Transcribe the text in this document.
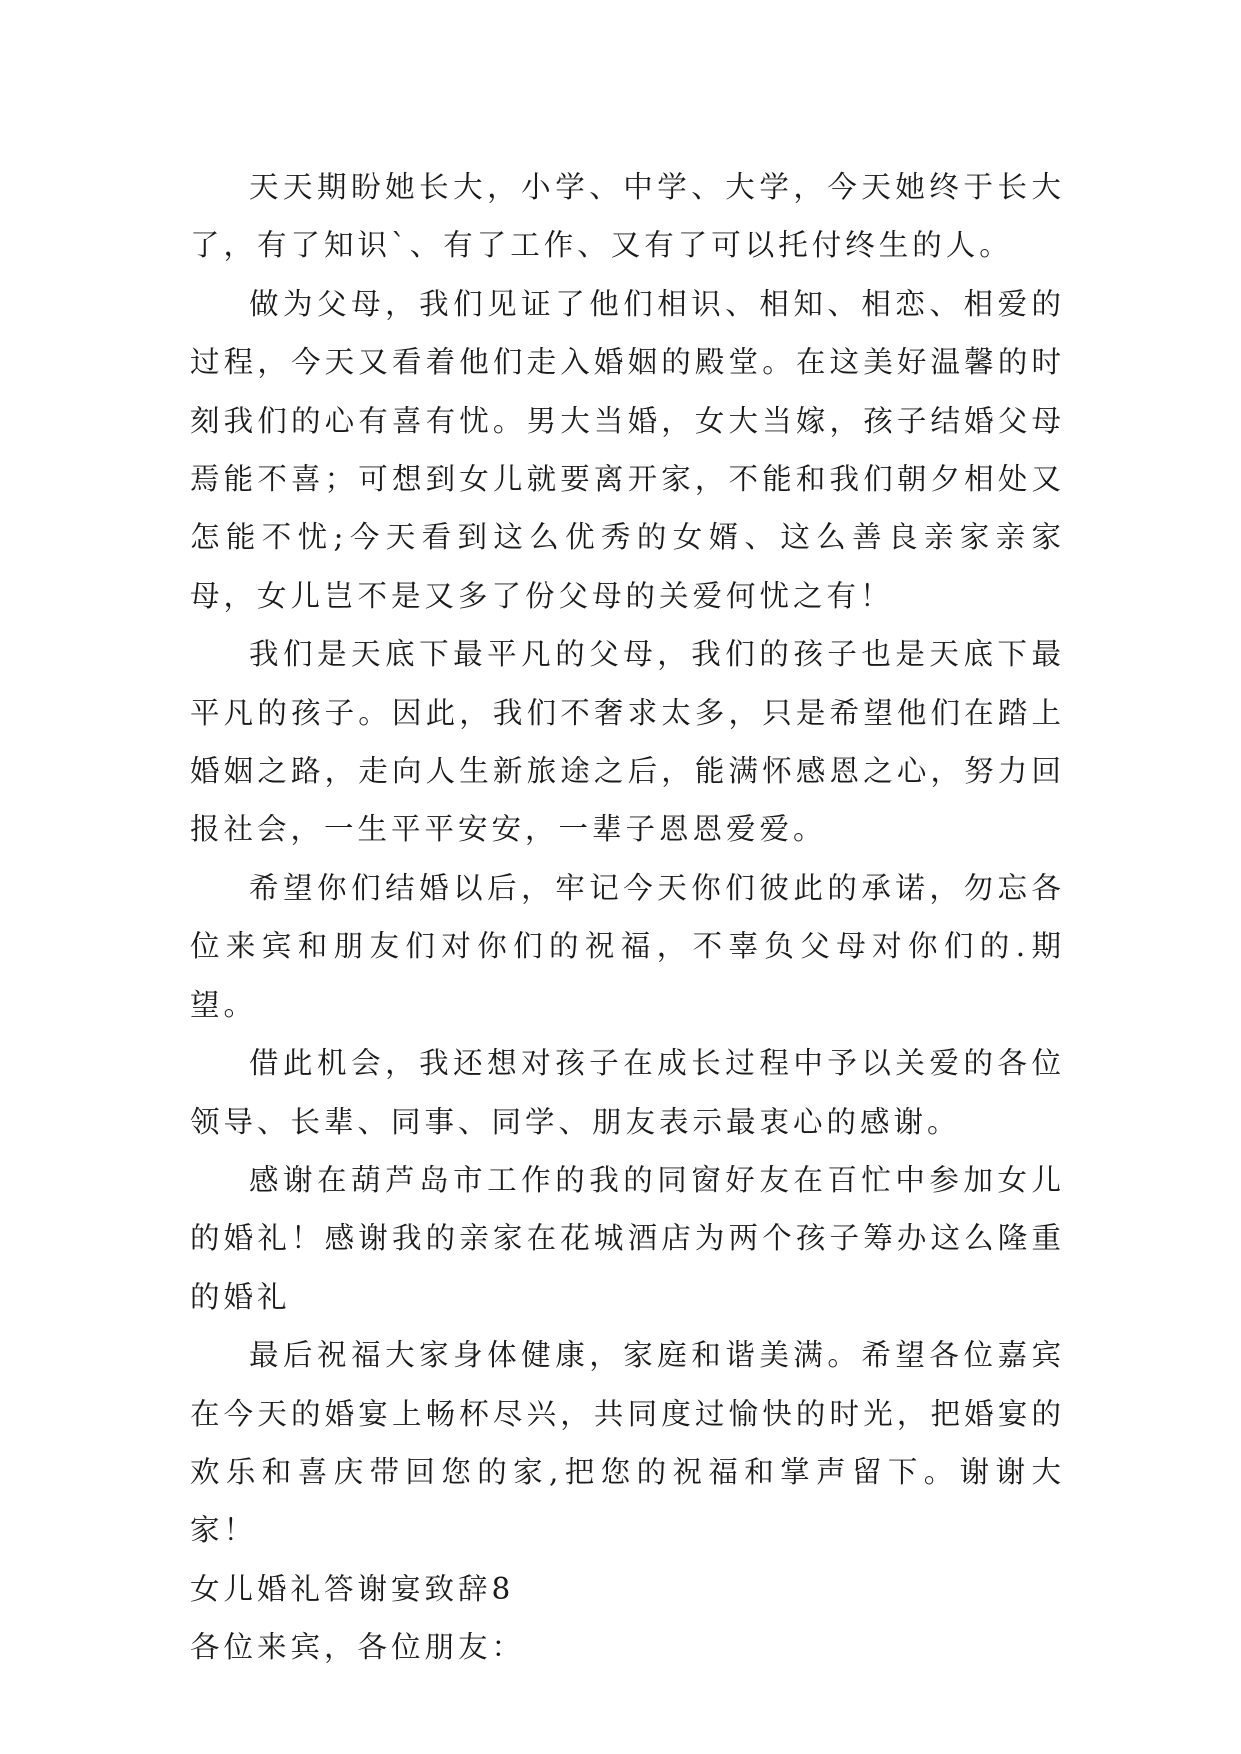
天天期盼她长大，小学、中学、大学，今天她终于长大了，有了知识`、有了工作、又有了可以托付终生的人。

做为父母，我们见证了他们相识、相知、相恋、相爱的过程，今天又看着他们走入婚姻的殿堂。在这美好温馨的时刻我们的心有喜有忧。男大当婚，女大当嫁，孩子结婚父母焉能不喜；可想到女儿就要离开家，不能和我们朝夕相处又怎能不忧;今天看到这么优秀的女婿、这么善良亲家亲家母，女儿岂不是又多了份父母的关爱何忧之有！

我们是天底下最平凡的父母，我们的孩子也是天底下最平凡的孩子。因此，我们不奢求太多，只是希望他们在踏上婚姻之路，走向人生新旅途之后，能满怀感恩之心，努力回报社会，一生平平安安，一辈子恩恩爱爱。

希望你们结婚以后，牢记今天你们彼此的承诺，勿忘各位来宾和朋友们对你们的祝福，不辜负父母对你们的.期望。

借此机会，我还想对孩子在成长过程中予以关爱的各位领导、长辈、同事、同学、朋友表示最衷心的感谢。

感谢在葫芦岛市工作的我的同窗好友在百忙中参加女儿的婚礼！感谢我的亲家在花城酒店为两个孩子筹办这么隆重的婚礼

最后祝福大家身体健康，家庭和谐美满。希望各位嘉宾在今天的婚宴上畅杯尽兴，共同度过愉快的时光，把婚宴的欢乐和喜庆带回您的家,把您的祝福和掌声留下。谢谢大家！

女儿婚礼答谢宴致辞8

各位来宾，各位朋友：
